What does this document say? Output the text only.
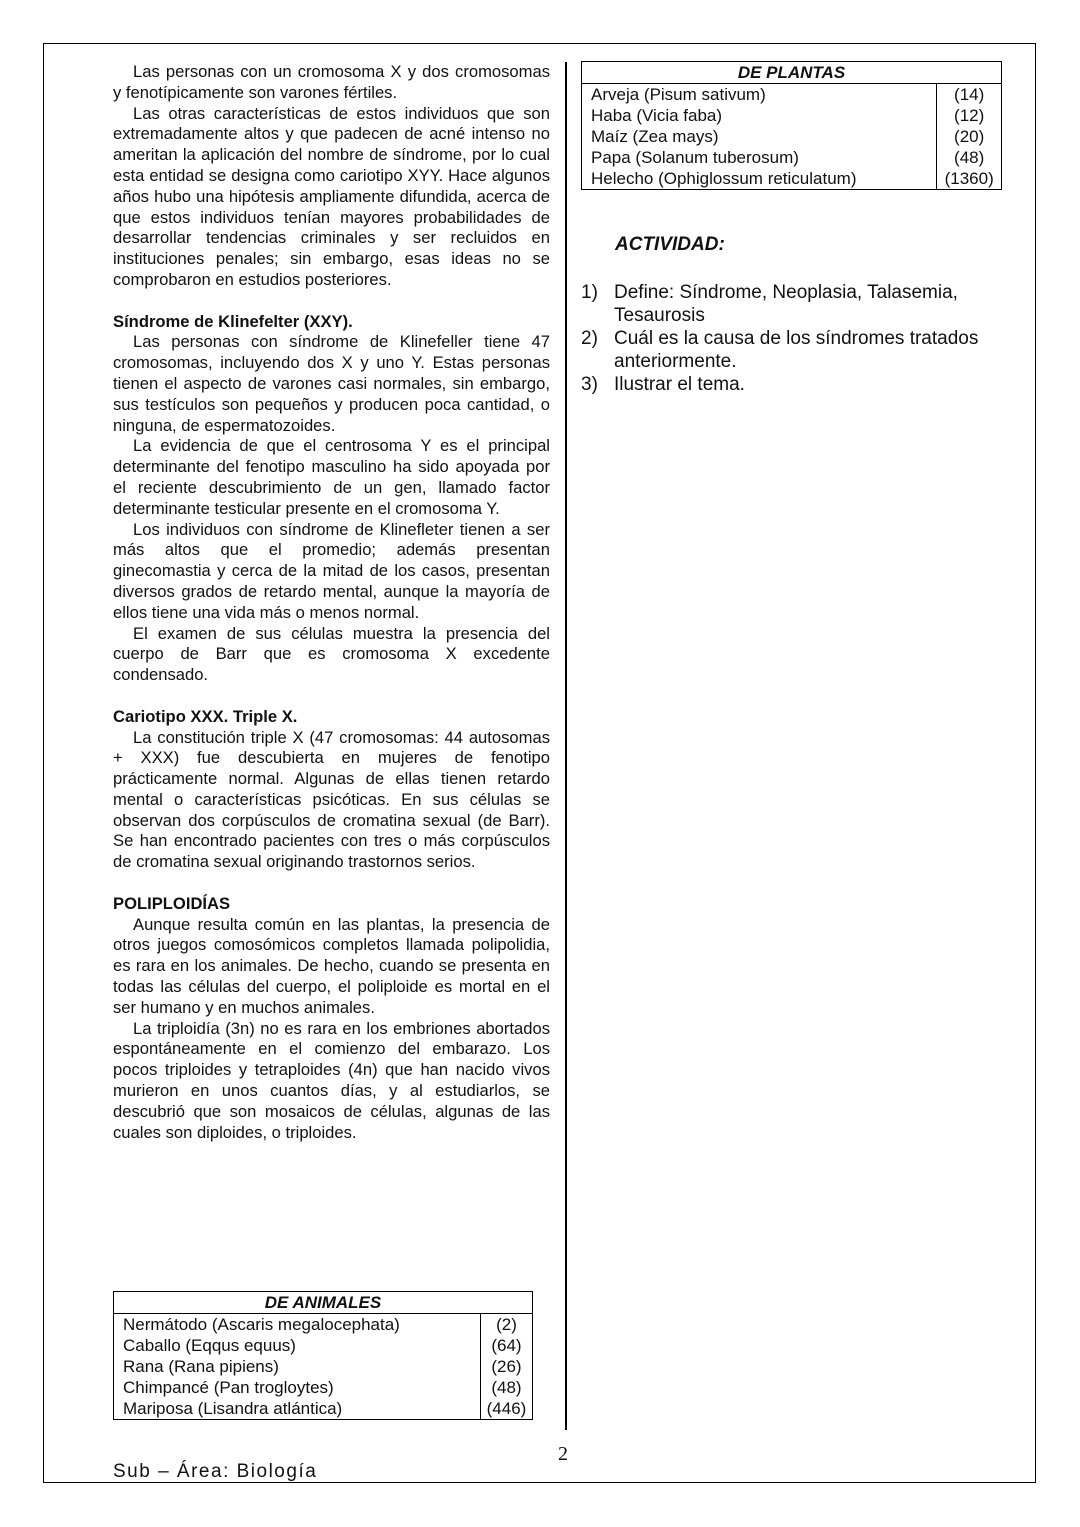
Las personas con un cromosoma X y dos cromosomas y fenotípicamente son varones fértiles.

Las otras características de estos individuos que son extremadamente altos y que padecen de acné intenso no ameritan la aplicación del nombre de síndrome, por lo cual esta entidad se designa como cariotipo XYY. Hace algunos años hubo una hipótesis ampliamente difundida, acerca de que estos individuos tenían mayores probabilidades de desarrollar tendencias criminales y ser recluidos en instituciones penales; sin embargo, esas ideas no se comprobaron en estudios posteriores.

Síndrome de Klinefelter (XXY).

Las personas con síndrome de Klinefeller tiene 47 cromosomas, incluyendo dos X y uno Y. Estas personas tienen el aspecto de varones casi normales, sin embargo, sus testículos son pequeños y producen poca cantidad, o ninguna, de espermatozoides.

La evidencia de que el centrosoma Y es el principal determinante del fenotipo masculino ha sido apoyada por el reciente descubrimiento de un gen, llamado factor determinante testicular presente en el cromosoma Y.

Los individuos con síndrome de Klinefleter tienen a ser más altos que el promedio; además presentan ginecomastia y cerca de la mitad de los casos, presentan diversos grados de retardo mental, aunque la mayoría de ellos tiene una vida más o menos normal.

El examen de sus células muestra la presencia del cuerpo de Barr que es cromosoma X excedente condensado.

Cariotipo XXX. Triple X.

La constitución triple X (47 cromosomas: 44 autosomas + XXX) fue descubierta en mujeres de fenotipo prácticamente normal. Algunas de ellas tienen retardo mental o características psicóticas. En sus células se observan dos corpúsculos de cromatina sexual (de Barr). Se han encontrado pacientes con tres o más corpúsculos de cromatina sexual originando trastornos serios.

POLIPLOIDÍAS

Aunque resulta común en las plantas, la presencia de otros juegos comosómicos completos llamada polipolidia, es rara en los animales. De hecho, cuando se presenta en todas las células del cuerpo, el poliploide es mortal en el ser humano y en muchos animales.

La triploidía (3n) no es rara en los embriones abortados espontáneamente en el comienzo del embarazo. Los pocos triploides y tetraploides (4n) que han nacido vivos murieron en unos cuantos días, y al estudiarlos, se descubrió que son mosaicos de células, algunas de las cuales son diploides, o triploides.

DE ANIMALES	
Nermátodo (Ascaris megalocephata)	(2)
Caballo (Eqqus equus)	(64)
Rana (Rana pipiens)	(26)
Chimpancé (Pan trogloytes)	(48)
Mariposa (Lisandra atlántica)	(446)
DE PLANTAS	
Arveja (Pisum sativum)	(14)
Haba (Vicia faba)	(12)
Maíz (Zea mays)	(20)
Papa (Solanum tuberosum)	(48)
Helecho (Ophiglossum reticulatum)	(1360)
ACTIVIDAD:
1) Define: Síndrome, Neoplasia, Talasemia, Tesaurosis
2) Cuál es la causa de los síndromes tratados anteriormente.
3) Ilustrar el tema.
2
Sub – Área: Biología
